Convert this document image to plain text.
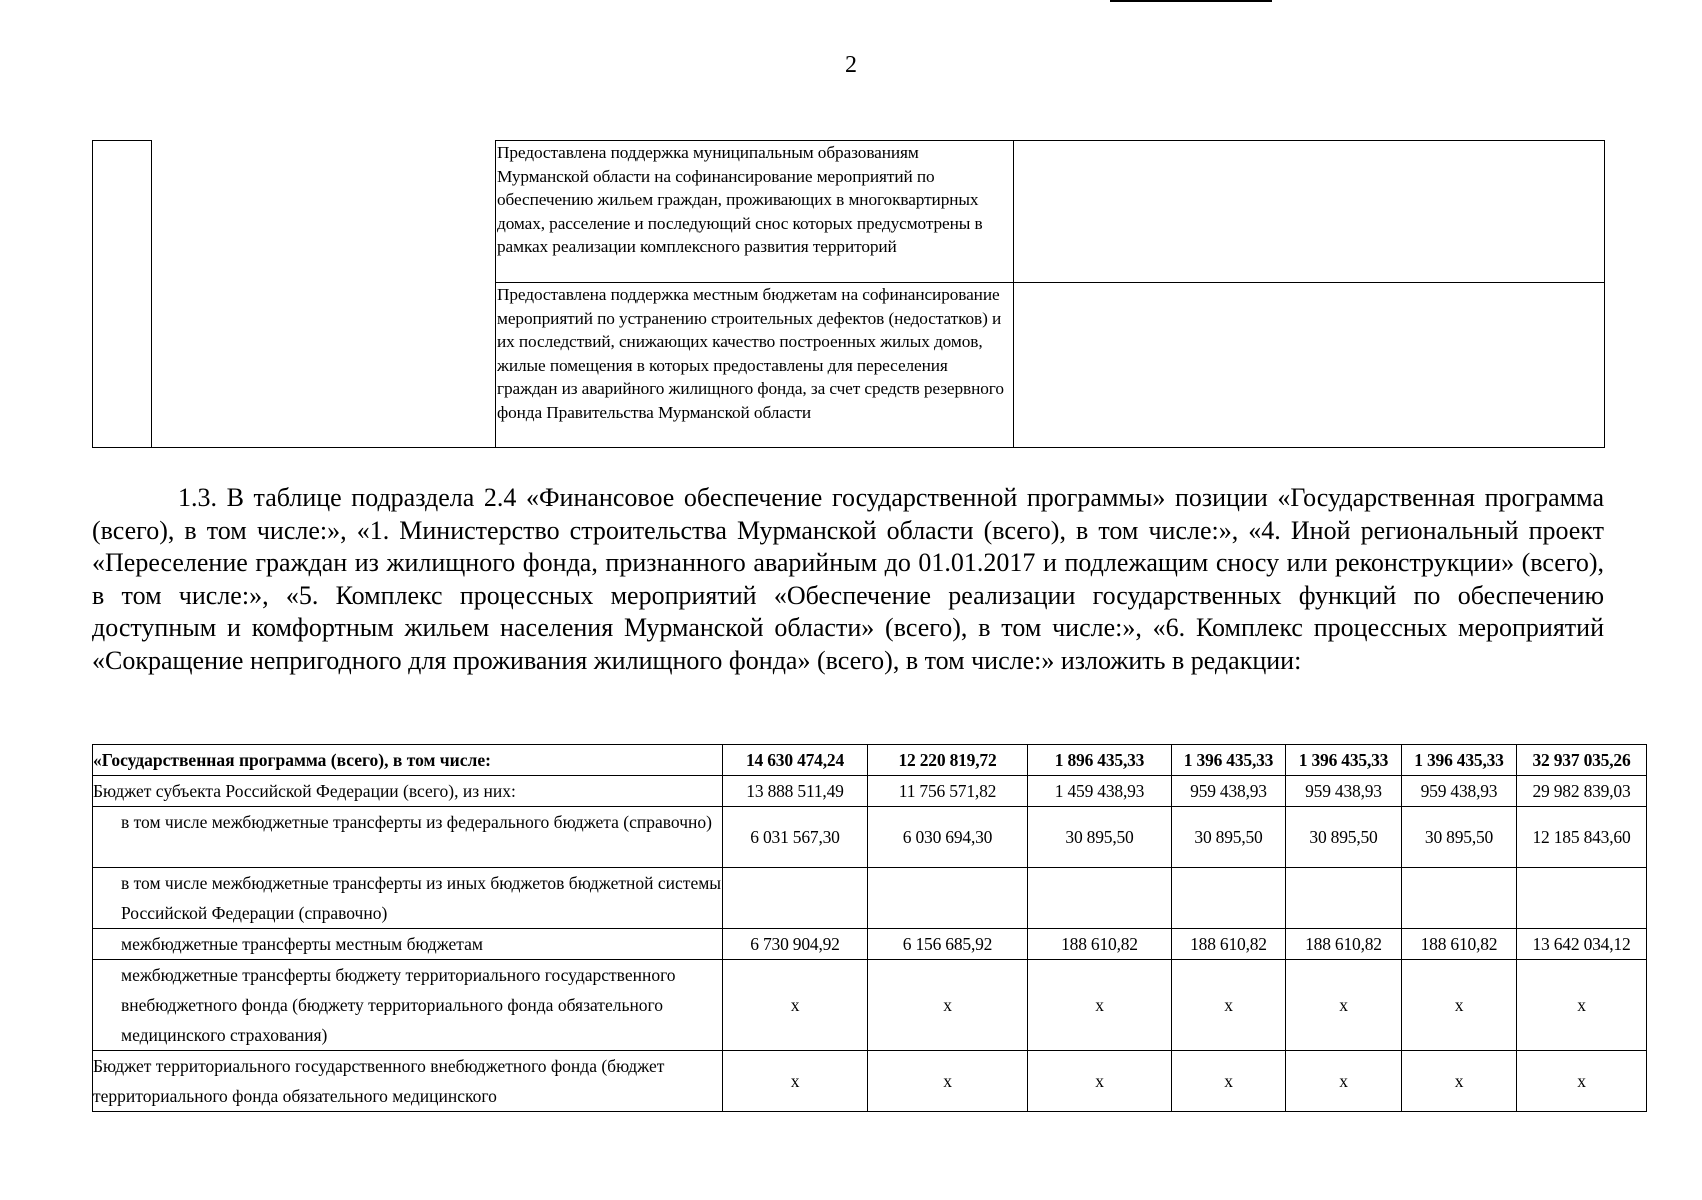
2

		Предоставлена поддержка муниципальным образованиям Мурманской области на софинансирование мероприятий по обеспечению жильем граждан, проживающих в многоквартирных домах, расселение и последующий снос которых предусмотрены в рамках реализации комплексного развития территорий	

		Предоставлена поддержка местным бюджетам на софинансирование мероприятий по устранению строительных дефектов (недостатков) и их последствий, снижающих качество построенных жилых домов, жилые помещения в которых предоставлены для переселения граждан из аварийного жилищного фонда, за счет средств резервного фонда Правительства Мурманской области	

1.3. В таблице подраздела 2.4 «Финансовое обеспечение государственной программы» позиции «Государственная программа (всего), в том числе:», «1. Министерство строительства Мурманской области (всего), в том числе:», «4. Иной региональный проект «Переселение граждан из жилищного фонда, признанного аварийным до 01.01.2017 и подлежащим сносу или реконструкции» (всего), в том числе:», «5. Комплекс процессных мероприятий «Обеспечение реализации государственных функций по обеспечению доступным и комфортным жильем населения Мурманской области» (всего), в том числе:», «6. Комплекс процессных мероприятий «Сокращение непригодного для проживания жилищного фонда» (всего), в том числе:» изложить в редакции:
«Государственная программа (всего), в том числе:	14 630 474,24	12 220 819,72	1 896 435,33	1 396 435,33	1 396 435,33	1 396 435,33	32 937 035,26
Бюджет субъекта Российской Федерации (всего), из них:	13 888 511,49	11 756 571,82	1 459 438,93	959 438,93	959 438,93	959 438,93	29 982 839,03
в том числе межбюджетные трансферты из федерального бюджета (справочно)	6 031 567,30	6 030 694,30	30 895,50	30 895,50	30 895,50	30 895,50	12 185 843,60
в том числе межбюджетные трансферты из иных бюджетов бюджетной системы Российской Федерации (справочно)							
межбюджетные трансферты местным бюджетам	6 730 904,92	6 156 685,92	188 610,82	188 610,82	188 610,82	188 610,82	13 642 034,12
межбюджетные трансферты бюджету территориального государственного внебюджетного фонда (бюджету территориального фонда обязательного медицинского страхования)	х	х	х	х	х	х	х
Бюджет территориального государственного внебюджетного фонда (бюджет территориального фонда обязательного медицинского	х	х	х	х	х	х	х
